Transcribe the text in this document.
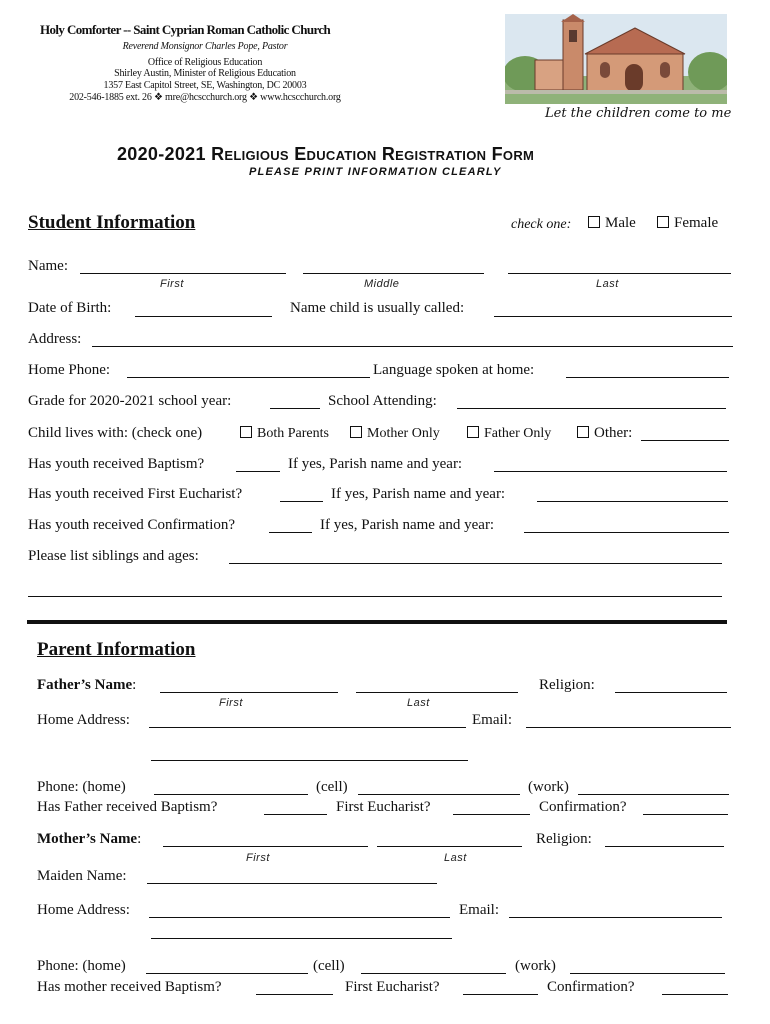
Holy Comforter -- Saint Cyprian Roman Catholic Church
Reverend Monsignor Charles Pope, Pastor
Office of Religious Education
Shirley Austin, Minister of Religious Education
1357 East Capitol Street, SE, Washington, DC 20003
202-546-1885 ext. 26 ❖ mre@hcscchurch.org ❖ www.hcscchurch.org
Let the children come to me
2020-2021 Religious Education Registration Form
PLEASE PRINT INFORMATION CLEARLY
Student Information	check one:	Male	Female
Name:
First	Middle	Last
Date of Birth:	Name child is usually called:
Address:
Home Phone:	Language spoken at home:
Grade for 2020-2021 school year:	School Attending:
Child lives with: (check one)	Both Parents	Mother Only	Father Only	Other:
Has youth received Baptism?	If yes, Parish name and year:
Has youth received First Eucharist?	If yes, Parish name and year:
Has youth received Confirmation?	If yes, Parish name and year:
Please list siblings and ages:
Parent Information
Father’s Name:	Religion:
First	Last
Home Address:	Email:
Phone: (home)	(cell)	(work)
Has Father received Baptism?	First Eucharist?	Confirmation?
Mother’s Name:	Religion:
First	Last
Maiden Name:
Home Address:	Email:
Phone: (home)	(cell)	(work)
Has mother received Baptism?	First Eucharist?	Confirmation?
